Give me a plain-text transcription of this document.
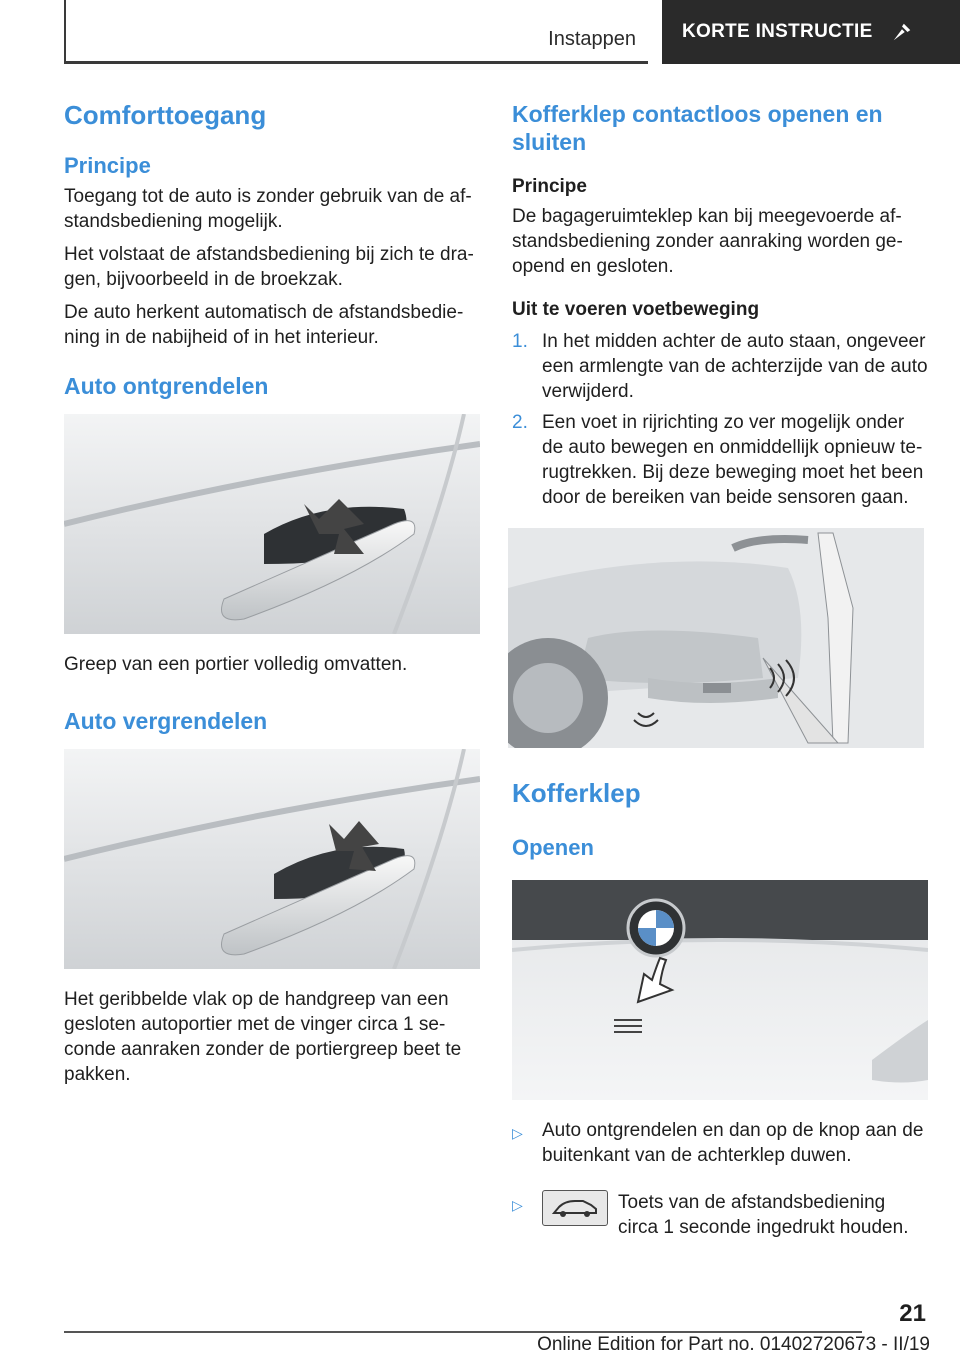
Instappen KORTE INSTRUCTIE
Comforttoegang
Principe

Toegang tot de auto is zonder gebruik van de afstandsbediening mogelijk.

Het volstaat de afstandsbediening bij zich te dragen, bijvoorbeeld in de broekzak.

De auto herkent automatisch de afstandsbediening in de nabijheid of in het interieur.

Auto ontgrendelen

Greep van een portier volledig omvatten.

Auto vergrendelen

Het geribbelde vlak op de handgreep van een gesloten autoportier met de vinger circa 1 seconde aanraken zonder de portiergreep beet te pakken.

Kofferklep contactloos openen en sluiten
Principe

De bagageruimteklep kan bij meegevoerde afstandsbediening zonder aanraking worden geopend en gesloten.

Uit te voeren voetbeweging
1. In het midden achter de auto staan, ongeveer een armlengte van de achterzijde van de auto verwijderd.
2. Een voet in rijrichting zo ver mogelijk onder de auto bewegen en onmiddellijk opnieuw terugtrekken. Bij deze beweging moet het been door de bereiken van beide sensoren gaan.
Kofferklep
Openen
▷	Auto ontgrendelen en dan op de knop aan de buitenkant van de achterklep duwen.
▷	Toets van de afstandsbediening circa 1 seconde ingedrukt houden.
21
Online Edition for Part no. 01402720673 - II/19
